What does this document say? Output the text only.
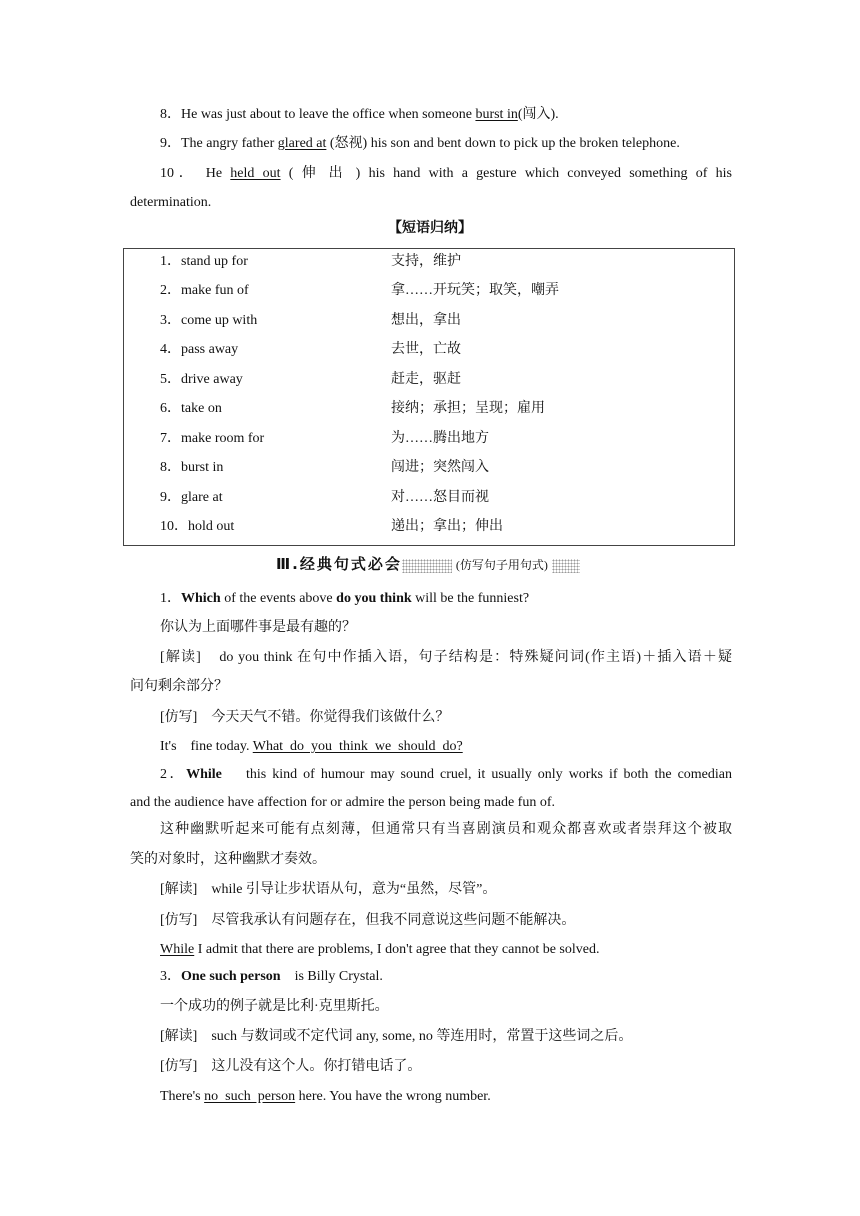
8．He was just about to leave the office when someone burst in(闯入).
9．The angry father glared at (怒视) his son and bent down to pick up the broken telephone.
10． He held out ( 伸 出 ) his hand with a gesture which conveyed something of his
determination.
【短语归纳】
1．stand up for	支持，维护
2．make fun of	拿……开玩笑；取笑，嘲弄
3．come up with	想出，拿出
4．pass away	去世，亡故
5．drive away	赶走，驱赶
6．take on	接纳；承担；呈现；雇用
7．make room for	为……腾出地方
8．burst in	闯进；突然闯入
9．glare at	对……怒目而视
10．hold out	递出；拿出；伸出
Ⅲ.经典句式必会	(仿写句子用句式)
1．Which of the events above do you think will be the funniest?
你认为上面哪件事是最有趣的？
[解读] do you think 在句中作插入语，句子结构是：特殊疑问词(作主语)＋插入语＋疑
问句剩余部分？
[仿写] 今天天气不错。你觉得我们该做什么？
It's    fine today. What  do  you  think  we  should  do?
2．While    this kind of humour may sound cruel, it usually only works if both the comedian
and the audience have affection for or admire the person being made fun of.
这种幽默听起来可能有点刻薄，但通常只有当喜剧演员和观众都喜欢或者崇拜这个被取
笑的对象时，这种幽默才奏效。
[解读] while 引导让步状语从句，意为“虽然，尽管”。
[仿写] 尽管我承认有问题存在，但我不同意说这些问题不能解决。
While I admit that there are problems, I don't agree that they cannot be solved.
3．One such person    is Billy Crystal.
一个成功的例子就是比利·克里斯托。
[解读] such 与数词或不定代词 any, some, no 等连用时，常置于这些词之后。
[仿写] 这儿没有这个人。你打错电话了。
There's no  such  person here. You have the wrong number.
